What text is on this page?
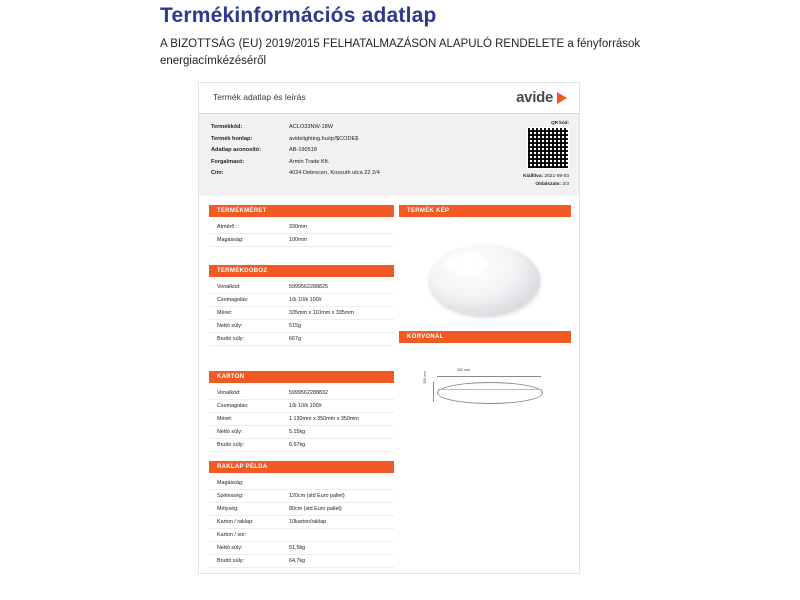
Termékinformációs adatlap
A BIZOTTSÁG (EU) 2019/2015 FELHATALMAZÁSON ALAPULÓ RENDELETE a fényforrások energiacímkézéséről
Termék adatlap és leírás	avide
Termékkód:	ACLO33NW-18W
Termék honlap:	avidelighting.hu/qr/$CODE$
Adatlap azonosító:	AB-190518
Forgalmazó:	Armin Trade Kft.
Cím:	4024 Debrecen, Kossuth utca 22 2/4
QR kód:
Kiállítva: 2021-09-03
Oldalszám: 2/3
TERMÉKMÉRET
Átmérő:	330mm
Magasság:	100mm
TERMÉKDOBOZ
Vonalkód:	5999562288825
Csomagolás:	1/b 10/k 100/r
Méret:	335mm x 110mm x 335mm
Nettó súly:	515g
Bruttó súly:	667g
KARTON
Vonalkód:	5999562288832
Csomagolás:	1/b 10/k 100/r
Méret:	1 130mm x 350mm x 350mm
Nettó súly:	5,15kg
Bruttó súly:	6,67kg
RAKLAP PÉLDA
Magasság:
Szélesség:	120cm (std Euro pallet)
Mélység:	80cm (std Euro pallet)
Karton / raklap:	10karton/raklap
Karton / sor:
Nettó súly:	51,5kg
Bruttó súly:	64,7kg
TERMÉK KÉP
KÖRVONAL
330 mm
100 mm
